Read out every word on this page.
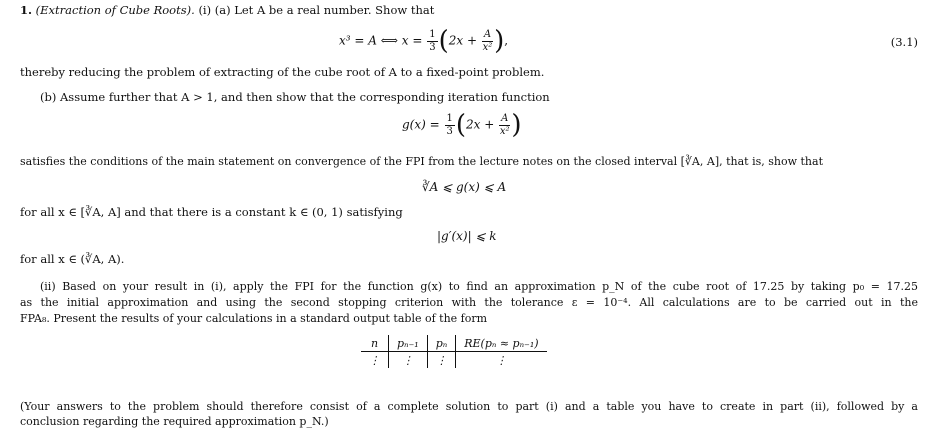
1. (Extraction of Cube Roots). (i) (a) Let A be a real number. Show that
x³ = A ⟺ $x = \frac{1}{3} (2x + \frac{A}{\text{x²}}$ ),	(3.1)
thereby reducing the problem of extracting of the cube root of A to a fixed-point problem.
(b) Assume further that A > 1, and then show that the corresponding iteration function
$g(x) = \frac{1}{3} (2x + \frac{A}{\text{x²}}$ )
satisfies the conditions of the main statement on convergence of the FPI from the lecture notes on the closed interval [∛A, A], that is, show that
∛A ⩽ g(x) ⩽ A
for all x ∈ [∛A, A] and that there is a constant k ∈ (0, 1) satisfying
|g′(x)| ⩽ k
for all x ∈ (∛A, A).
(ii) Based on your result in (i), apply the FPI for the function g(x) to find an approximation p_N of the cube root of 17.25 by taking p₀ = 17.25
as the initial approximation and using the second stopping criterion with the tolerance ε = 10⁻⁴. All calculations are to be carried out in the
FPA₈. Present the results of your calculations in a standard output table of the form
n	pₙ₋₁	pₙ	RE(pₙ ≈ pₙ₋₁)
⋮	⋮	⋮	⋮
(Your answers to the problem should therefore consist of a complete solution to part (i) and a table you have to create in part (ii), followed by a
conclusion regarding the required approximation p_N.)
